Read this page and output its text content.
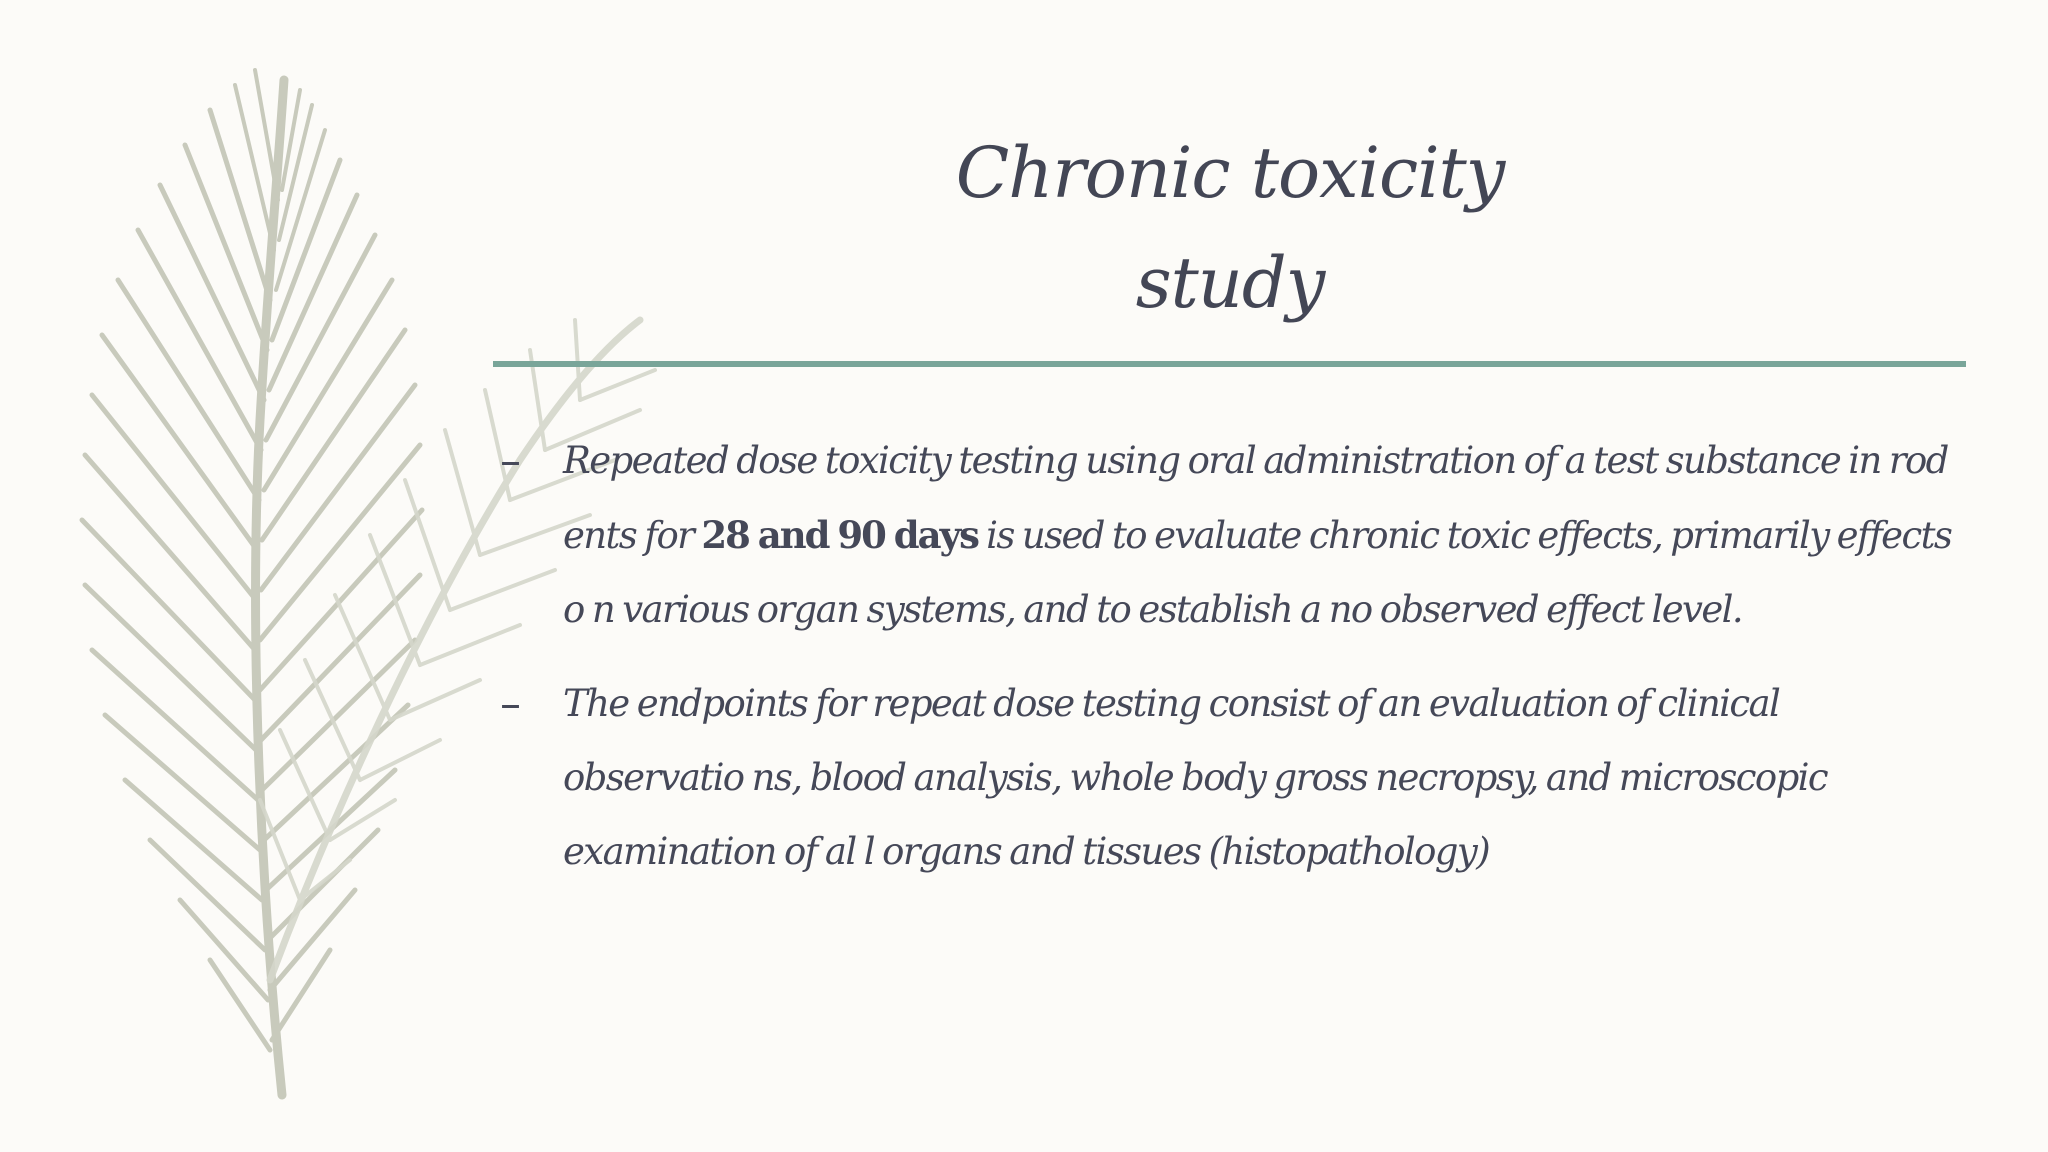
Chronic toxicity study
–	Repeated dose toxicity testing using oral administration of a test substance in rod ents for 28 and 90 days is used to evaluate chronic toxic effects, primarily effects o n various organ systems, and to establish a no observed effect level.
–	The endpoints for repeat dose testing consist of an evaluation of clinical observatio ns, blood analysis, whole body gross necropsy, and microscopic examination of al l organs and tissues (histopathology)
